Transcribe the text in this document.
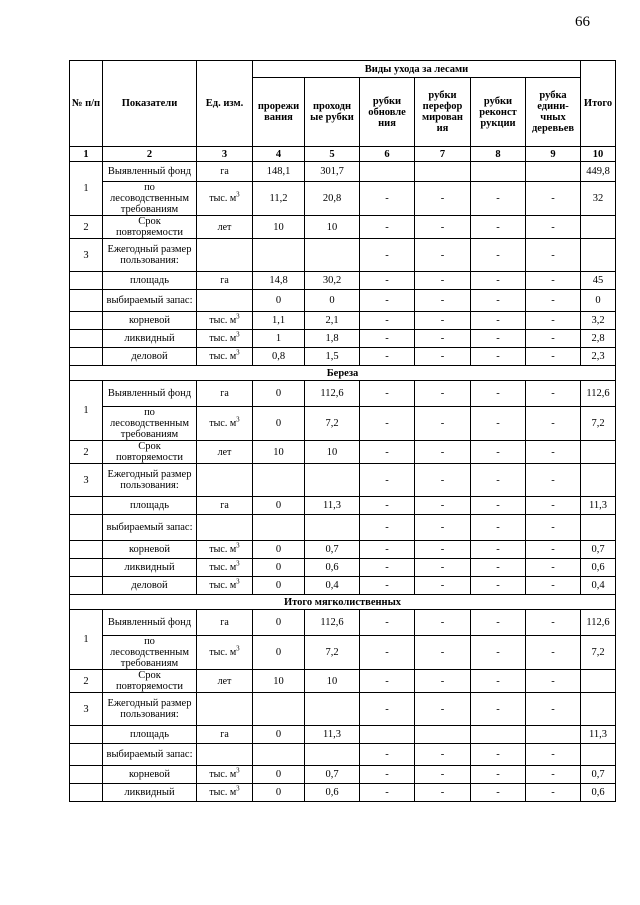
66
№ п/п	Показатели	Ед. изм.	Виды ухода за лесами						Итого
			прорежи вания	проходн ые рубки	рубки обновле ния	рубки перефор мирован ия	рубки реконст рукции	рубка едини- чных деревьев	
1	2	3	4	5	6	7	8	9	10
1	Выявленный фонд	га	148,1	301,7					449,8
	по лесоводственным требованиям	тыс. $м^3$	11,2	20,8	-	-	-	-	32
2	Срок повторяемости	лет	10	10	-	-	-	-	
3	Ежегодный размер пользования:				-	-	-	-	
	площадь	га	14,8	30,2	-	-	-	-	45
	выбираемый запас:		0	0	-	-	-	-	0
	корневой	тыс. $м^3$	1,1	2,1	-	-	-	-	3,2
	ликвидный	тыс. $м^3$	1	1,8	-	-	-	-	2,8
	деловой	тыс. $м^3$	0,8	1,5	-	-	-	-	2,3
Береза									
1	Выявленный фонд	га	0	112,6	-	-	-	-	112,6
	по лесоводственным требованиям	тыс. $м^3$	0	7,2	-	-	-	-	7,2
2	Срок повторяемости	лет	10	10	-	-	-	-	
3	Ежегодный размер пользования:				-	-	-	-	
	площадь	га	0	11,3	-	-	-	-	11,3
	выбираемый запас:				-	-	-	-	
	корневой	тыс. $м^3$	0	0,7	-	-	-	-	0,7
	ликвидный	тыс. $м^3$	0	0,6	-	-	-	-	0,6
	деловой	тыс. $м^3$	0	0,4	-	-	-	-	0,4
Итого мягколиственных									
1	Выявленный фонд	га	0	112,6	-	-	-	-	112,6
	по лесоводственным требованиям	тыс. $м^3$	0	7,2	-	-	-	-	7,2
2	Срок повторяемости	лет	10	10	-	-	-	-	
3	Ежегодный размер пользования:				-	-	-	-	
	площадь	га	0	11,3					11,3
	выбираемый запас:				-	-	-	-	
	корневой	тыс. $м^3$	0	0,7	-	-	-	-	0,7
	ликвидный	тыс. $м^3$	0	0,6	-	-	-	-	0,6
